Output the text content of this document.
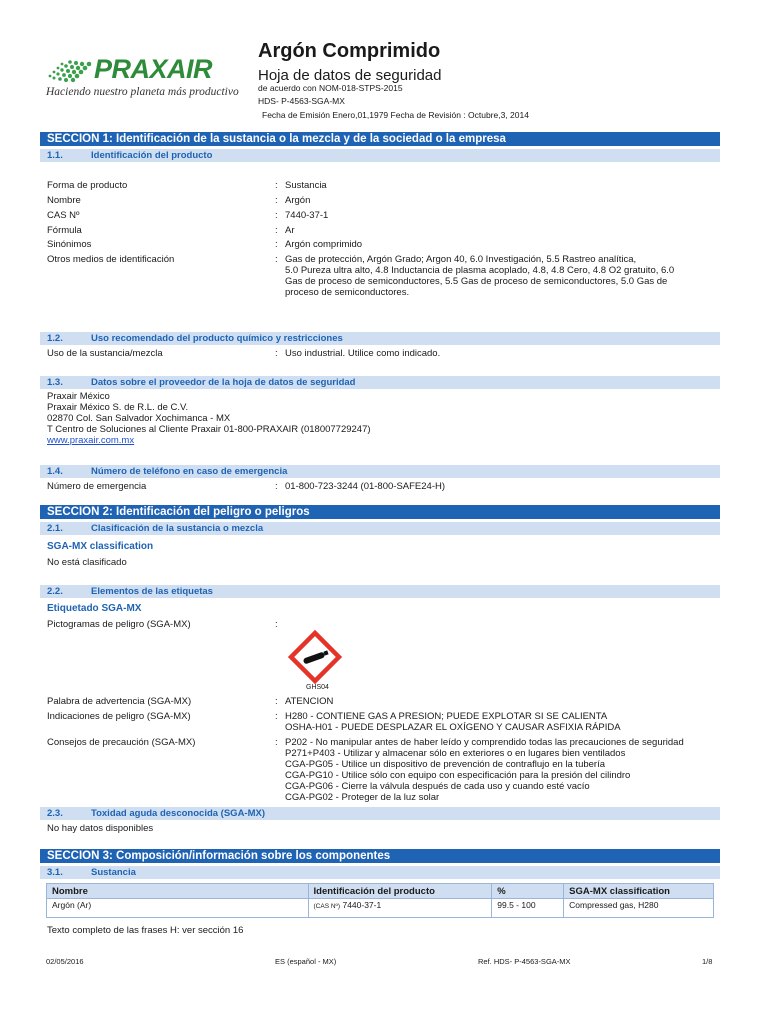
PRAXAIR
Haciendo nuestro planeta más productivo
Argón Comprimido
Hoja de datos de seguridad
de acuerdo con NOM-018-STPS-2015
HDS- P-4563-SGA-MX
Fecha de Emisión Enero,01,1979 Fecha de Revisión : Octubre,3, 2014
SECCION 1: Identificación de la sustancia o la mezcla y de la sociedad o la empresa
1.1.	Identificación del producto
Forma de producto	: Sustancia
Nombre	: Argón
CAS Nº	: 7440-37-1
Fórmula	: Ar
Sinónimos	: Argón comprimido
Otros medios de identificación	: Gas de protección, Argón Grado; Argon 40, 6.0 Investigación, 5.5 Rastreo analítica,
5.0 Pureza ultra alto, 4.8 Inductancia de plasma acoplado, 4.8, 4.8 Cero, 4.8 O2 gratuito, 6.0
Gas de proceso de semiconductores, 5.5 Gas de proceso de semiconductores, 5.0 Gas de
proceso de semiconductores.
1.2.	Uso recomendado del producto químico y restricciones
Uso de la sustancia/mezcla	: Uso industrial. Utilice como indicado.
1.3.	Datos sobre el proveedor de la hoja de datos de seguridad
Praxair México
Praxair México S. de R.L. de C.V.
02870 Col. San Salvador Xochimanca - MX
T Centro de Soluciones al Cliente Praxair 01-800-PRAXAIR (018007729247)
www.praxair.com.mx
1.4.	Número de teléfono en caso de emergencia
Número de emergencia	: 01-800-723-3244 (01-800-SAFE24-H)
SECCION 2: Identificación del peligro o peligros
2.1.	Clasificación de la sustancia o mezcla
SGA-MX classification
No está clasificado
2.2.	Elementos de las etiquetas
Etiquetado SGA-MX
Pictogramas de peligro (SGA-MX)	:
GHS04
Palabra de advertencia (SGA-MX)	: ATENCION
Indicaciones de peligro (SGA-MX)	: H280 - CONTIENE GAS A PRESION; PUEDE EXPLOTAR SI SE CALIENTA
OSHA-H01 - PUEDE DESPLAZAR EL OXÍGENO Y CAUSAR ASFIXIA RÁPIDA
Consejos de precaución (SGA-MX)	: P202 - No manipular antes de haber leído y comprendido todas las precauciones de seguridad
P271+P403 - Utilizar y almacenar sólo en exteriores o en lugares bien ventilados
CGA-PG05 - Utilice un dispositivo de prevención de contraflujo en la tubería
CGA-PG10 - Utilice sólo con equipo con especificación para la presión del cilindro
CGA-PG06 - Cierre la válvula después de cada uso y cuando esté vacío
CGA-PG02 - Proteger de la luz solar
2.3.	Toxidad aguda desconocida (SGA-MX)
No hay datos disponibles
SECCION 3: Composición/información sobre los componentes
3.1.	Sustancia
Nombre	Identificación del producto	%	SGA-MX classification
Argón (Ar)	(CAS Nº) 7440-37-1	99.5 - 100	Compressed gas, H280
Texto completo de las frases H: ver sección 16
02/05/2016	ES (español - MX)	Ref. HDS- P-4563-SGA-MX	1/8
